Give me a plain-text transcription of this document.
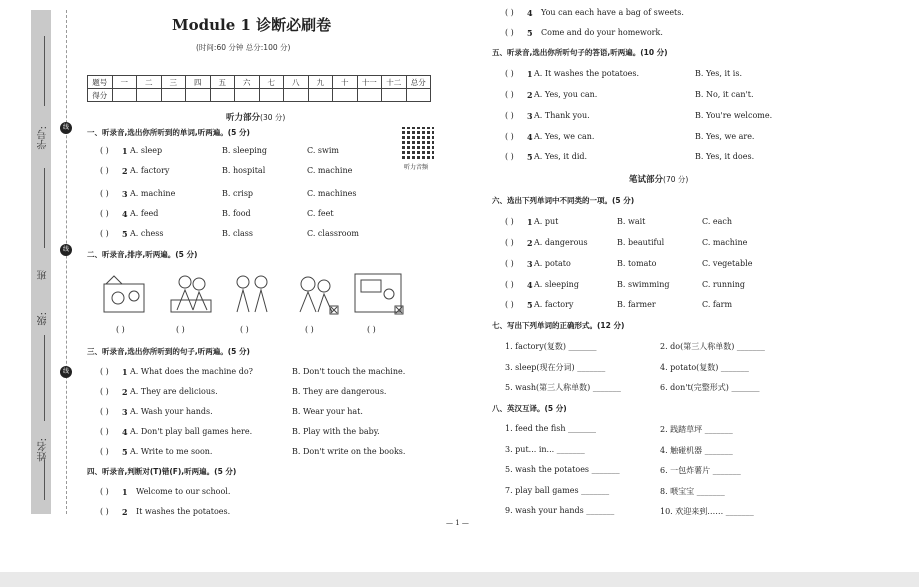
学号:
班
级:
姓名:
线
线
线
Module 1 诊断必刷卷
(时间:60 分钟 总分:100 分)
题号	一	二	三	四	五	六	七	八	九	十	十一	十二	总分
得分													
听力部分(30 分)
听力音频
一、听录音,选出你所听到的单词,听两遍。(5 分)
二、听录音,排序,听两遍。(5 分)
( )	( )	( )	( )	( )
三、听录音,选出你所听到的句子,听两遍。(5 分)
四、听录音,判断对(T)错(F),听两遍。(5 分)
五、听录音,选出你所听句子的答语,听两遍。(10 分)
笔试部分(70 分)
六、选出下列单词中不同类的一项。(5 分)
七、写出下列单词的正确形式。(12 分)
八、英汉互译。(5 分)
— 1 —
( ) 1 A. sleep	B. sleeping	C. swim
( ) 2 A. factory	B. hospital	C. machine
( ) 3 A. machine	B. crisp	C. machines
( ) 4 A. feed	B. food	C. feet
( ) 5 A. chess	B. class	C. classroom
( ) 1 A. What does the machine do?	B. Don't touch the machine.
( ) 2 A. They are delicious.	B. They are dangerous.
( ) 3 A. Wash your hands.	B. Wear your hat.
( ) 4 A. Don't play ball games here.	B. Play with the baby.
( ) 5 A. Write to me soon.	B. Don't write on the books.
( ) 1 A. It washes the potatoes.	B. Yes, it is.
( ) 2 A. Yes, you can.	B. No, it can't.
( ) 3 A. Thank you.	B. You're welcome.
( ) 4 A. Yes, we can.	B. Yes, we are.
( ) 5 A. Yes, it did.	B. Yes, it does.
( ) 1 A. put	B. wait	C. each
( ) 2 A. dangerous	B. beautiful	C. machine
( ) 3 A. potato	B. tomato	C. vegetable
( ) 4 A. sleeping	B. swimming	C. running
( ) 5 A. factory	B. farmer	C. farm
( ) 1 Welcome to our school.
( ) 2 It washes the potatoes.
( ) 4 You can each have a bag of sweets.
( ) 5 Come and do your homework.
1. factory(复数) _______	2. do(第三人称单数) _______
3. sleep(现在分词) _______	4. potato(复数) _______
5. wash(第三人称单数) _______	6. don't(完整形式) _______
1. feed the fish _______	2. 践踏草坪 _______
3. put... in... _______	4. 触碰机器 _______
5. wash the potatoes _______	6. 一包炸薯片 _______
7. play ball games _______	8. 喂宝宝 _______
9. wash your hands _______	10. 欢迎来到…… _______
